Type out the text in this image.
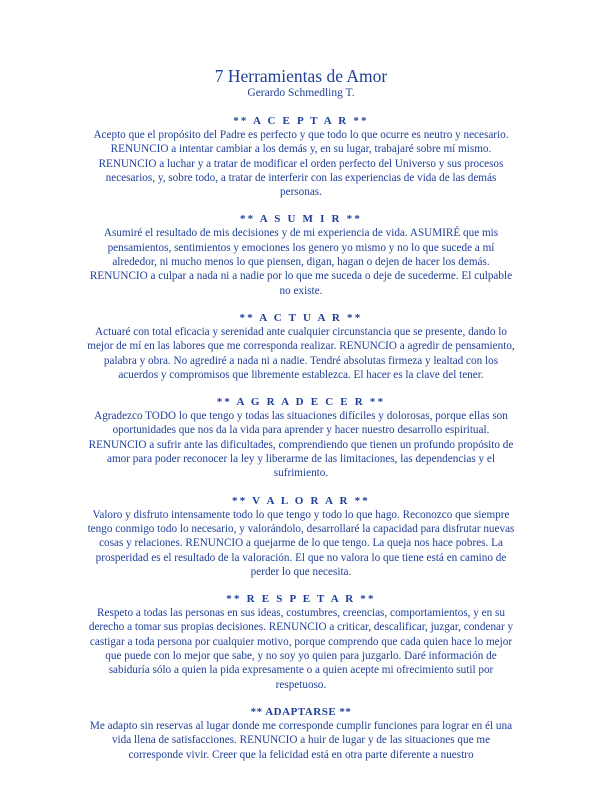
7 Herramientas de Amor

Gerardo Schmedling T.

** A C E P T A R **

Acepto que el propósito del Padre es perfecto y que todo lo que ocurre es neutro y necesario. RENUNCIO a intentar cambiar a los demás y, en su lugar, trabajaré sobre mí mismo. RENUNCIO a luchar y a tratar de modificar el orden perfecto del Universo y sus procesos necesarios, y, sobre todo, a tratar de interferir con las experiencias de vida de las demás personas.

** A S U M I R **

Asumiré el resultado de mis decisiones y de mi experiencia de vida. ASUMIRÉ que mis pensamientos, sentimientos y emociones los genero yo mismo y no lo que sucede a mí alrededor, ni mucho menos lo que piensen, digan, hagan o dejen de hacer los demás. RENUNCIO a culpar a nada ni a nadie por lo que me suceda o deje de sucederme. El culpable no existe.

** A C T U A R **

Actuaré con total eficacia y serenidad ante cualquier circunstancia que se presente, dando lo mejor de mí en las labores que me corresponda realizar. RENUNCIO a agredir de pensamiento, palabra y obra. No agrediré a nada ni a nadie. Tendré absolutas firmeza y lealtad con los acuerdos y compromisos que libremente establezca. El hacer es la clave del tener.

** A G R A D E C E R **

Agradezco TODO lo que tengo y todas las situaciones difíciles y dolorosas, porque ellas son oportunidades que nos da la vida para aprender y hacer nuestro desarrollo espiritual. RENUNCIO a sufrir ante las dificultades, comprendiendo que tienen un profundo propósito de amor para poder reconocer la ley y liberarme de las limitaciones, las dependencias y el sufrimiento.

** V A L O R A R **

Valoro y disfruto intensamente todo lo que tengo y todo lo que hago. Reconozco que siempre tengo conmigo todo lo necesario, y valorándolo, desarrollaré la capacidad para disfrutar nuevas cosas y relaciones. RENUNCIO a quejarme de lo que tengo. La queja nos hace pobres. La prosperidad es el resultado de la valoración. El que no valora lo que tiene está en camino de perder lo que necesita.

** R E S P E T A R **

Respeto a todas las personas en sus ideas, costumbres, creencias, comportamientos, y en su derecho a tomar sus propias decisiones. RENUNCIO a criticar, descalificar, juzgar, condenar y castigar a toda persona por cualquier motivo, porque comprendo que cada quien hace lo mejor que puede con lo mejor que sabe, y no soy yo quien para juzgarlo. Daré información de sabiduría sólo a quien la pida expresamente o a quien acepte mi ofrecimiento sutil por respetuoso.

** ADAPTARSE **

Me adapto sin reservas al lugar donde me corresponde cumplir funciones para lograr en él una vida llena de satisfacciones. RENUNCIO a huir de lugar y de las situaciones que me corresponde vivir. Creer que la felicidad está en otra parte diferente a nuestro
